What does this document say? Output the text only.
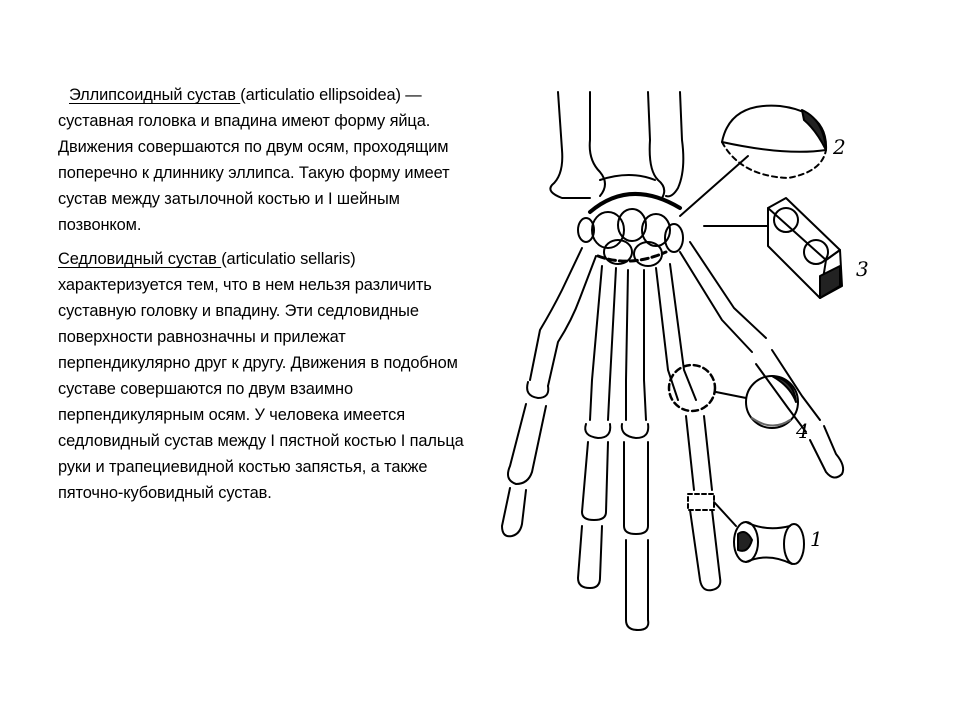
Эллипсоидный сустав (articulatio ellipsoidea) — суставная головка и впадина имеют форму яйца. Движения совершаются по двум осям, проходящим поперечно к длиннику эллипса. Такую форму имеет сустав между затылочной костью и I шейным позвонком.

Седловидный сустав (articulatio sellaris) характеризуется тем, что в нем нельзя различить суставную головку и впадину. Эти седловидные поверхности равнозначны и прилежат перпендикулярно друг к другу. Движения в подобном суставе совершаются по двум взаимно перпендикулярным осям. У человека имеется седловидный сустав между I пястной костью I пальца руки и трапециевидной костью запястья, а также пяточно-кубовидный сустав.

2
3
4
1
